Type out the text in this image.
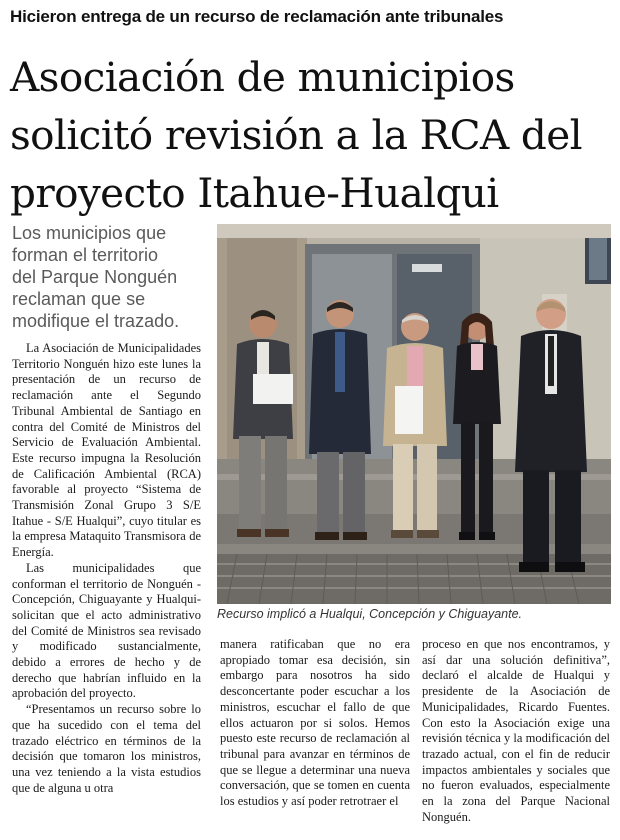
Hicieron entrega de un recurso de reclamación ante tribunales
Asociación de municipios
solicitó revisión a la RCA del
proyecto Itahue-Hualqui
Los municipios que
forman el territorio
del Parque Nonguén
reclaman que se
modifique el trazado.

La Asociación de Municipalidades Territorio Nonguén hizo este lunes la presentación de un recurso de reclamación ante el Segundo Tribunal Ambiental de Santiago en contra del Comité de Ministros del Servicio de Evaluación Ambiental. Este recurso impugna la Resolución de Calificación Ambiental (RCA) favorable al proyecto “Sistema de Transmisión Zonal Grupo 3 S/E Itahue - S/E Hualqui”, cuyo titular es la empresa Mataquito Transmisora de Energía.

Las municipalidades que conforman el territorio de Nonguén -Concepción, Chiguayante y Hualqui- solicitan que el acto administrativo del Comité de Ministros sea revisado y modificado sustancialmente, debido a errores de hecho y de derecho que habrían influido en la aprobación del proyecto.

“Presentamos un recurso sobre lo que ha sucedido con el tema del trazado eléctrico en términos de la decisión que tomaron los ministros, una vez teniendo a la vista estudios que de alguna u otra

Recurso implicó a Hualqui, Concepción y Chiguayante.

manera ratificaban que no era apropiado tomar esa decisión, sin embargo para nosotros ha sido desconcertante poder escuchar a los ministros, escuchar el fallo de que ellos actuaron por si solos. Hemos puesto este recurso de reclamación al tribunal para avanzar en términos de que se llegue a determinar una nueva conversación, que se tomen en cuenta los estudios y así poder retrotraer el

proceso en que nos encontramos, y así dar una solución definitiva”, declaró el alcalde de Hualqui y presidente de la Asociación de Municipalidades, Ricardo Fuentes. Con esto la Asociación exige una revisión técnica y la modificación del trazado actual, con el fin de reducir impactos ambientales y sociales que no fueron evaluados, especialmente en la zona del Parque Nacional Nonguén.
